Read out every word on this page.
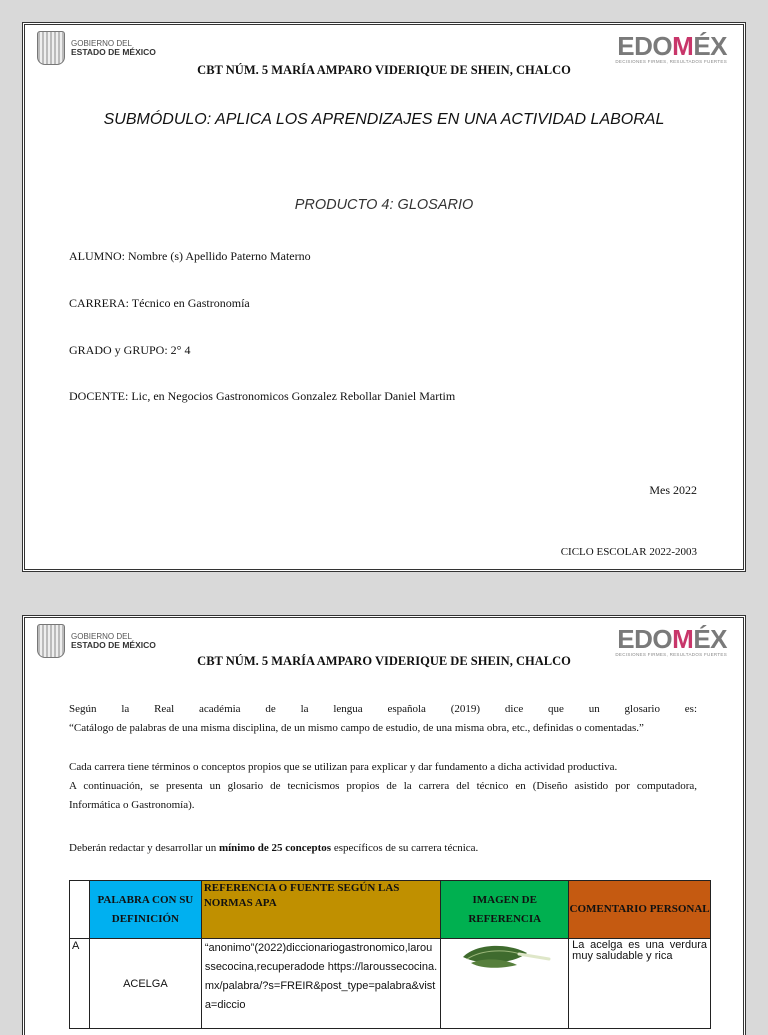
GOBIERNO DEL
ESTADO DE MÉXICO	EDOMÉX
DECISIONES FIRMES, RESULTADOS FUERTES
CBT NÚM. 5 MARÍA AMPARO VIDERIQUE DE SHEIN, CHALCO
SUBMÓDULO: APLICA LOS APRENDIZAJES EN UNA ACTIVIDAD LABORAL
PRODUCTO 4: GLOSARIO
ALUMNO: Nombre (s) Apellido Paterno Materno
CARRERA: Técnico en Gastronomía
GRADO y GRUPO: 2° 4
DOCENTE: Lic, en Negocios Gastronomicos Gonzalez Rebollar Daniel Martim
Mes 2022
CICLO ESCOLAR 2022-2003
GOBIERNO DEL
ESTADO DE MÉXICO	EDOMÉX
DECISIONES FIRMES, RESULTADOS FUERTES
CBT NÚM. 5 MARÍA AMPARO VIDERIQUE DE SHEIN, CHALCO
Según la Real académia de la lengua española (2019) dice que un glosario es:
“Catálogo de palabras de una misma disciplina, de un mismo campo de estudio, de una misma obra, etc., definidas o comentadas.”
Cada carrera tiene términos o conceptos propios que se utilizan para explicar y dar fundamento a dicha actividad productiva.
A continuación, se presenta un glosario de tecnicismos propios de la carrera del técnico en (Diseño asistido por computadora,
Informática o Gastronomía).
Deberán redactar y desarrollar un mínimo de 25 conceptos específicos de su carrera técnica.
	PALABRA CON SU DEFINICIÓN	REFERENCIA O FUENTE SEGÚN LAS NORMAS APA	IMAGEN DE REFERENCIA	COMENTARIO PERSONAL
A	ACELGA	“anonimo”(2022)diccionariogastronomico,laroussecocina,recuperadode https://laroussecocina.mx/palabra/?s=FREIR&post_type=palabra&vista=diccio		La acelga es una verdura muy saludable y rica
